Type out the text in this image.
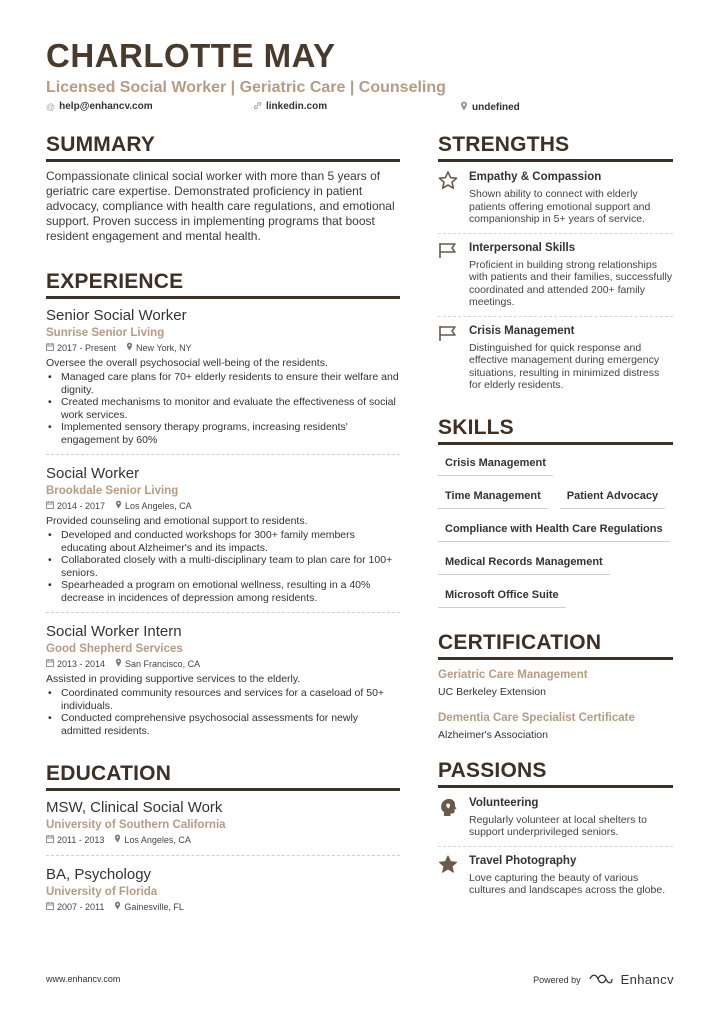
CHARLOTTE MAY
Licensed Social Worker | Geriatric Care | Counseling
@ help@enhancv.com	linkedin.com	undefined
SUMMARY
Compassionate clinical social worker with more than 5 years of geriatric care expertise. Demonstrated proficiency in patient advocacy, compliance with health care regulations, and emotional support. Proven success in implementing programs that boost resident engagement and mental health.
EXPERIENCE
Senior Social Worker
Sunrise Senior Living
2017 - Present	New York, NY
Oversee the overall psychosocial well-being of the residents.
• Managed care plans for 70+ elderly residents to ensure their welfare and dignity.
• Created mechanisms to monitor and evaluate the effectiveness of social work services.
• Implemented sensory therapy programs, increasing residents' engagement by 60%
Social Worker
Brookdale Senior Living
2014 - 2017	Los Angeles, CA
Provided counseling and emotional support to residents.
• Developed and conducted workshops for 300+ family members educating about Alzheimer's and its impacts.
• Collaborated closely with a multi-disciplinary team to plan care for 100+ seniors.
• Spearheaded a program on emotional wellness, resulting in a 40% decrease in incidences of depression among residents.
Social Worker Intern
Good Shepherd Services
2013 - 2014	San Francisco, CA
Assisted in providing supportive services to the elderly.
• Coordinated community resources and services for a caseload of 50+ individuals.
• Conducted comprehensive psychosocial assessments for newly admitted residents.
EDUCATION
MSW, Clinical Social Work
University of Southern California
2011 - 2013	Los Angeles, CA
BA, Psychology
University of Florida
2007 - 2011	Gainesville, FL
STRENGTHS
Empathy & Compassion
Shown ability to connect with elderly patients offering emotional support and companionship in 5+ years of service.
Interpersonal Skills
Proficient in building strong relationships with patients and their families, successfully coordinated and attended 200+ family meetings.
Crisis Management
Distinguished for quick response and effective management during emergency situations, resulting in minimized distress for elderly residents.
SKILLS
Crisis Management
Time Management	Patient Advocacy
Compliance with Health Care Regulations
Medical Records Management
Microsoft Office Suite
CERTIFICATION
Geriatric Care Management
UC Berkeley Extension
Dementia Care Specialist Certificate
Alzheimer's Association
PASSIONS
Volunteering
Regularly volunteer at local shelters to support underprivileged seniors.
Travel Photography
Love capturing the beauty of various cultures and landscapes across the globe.
www.enhancv.com	Powered by	Enhancv
